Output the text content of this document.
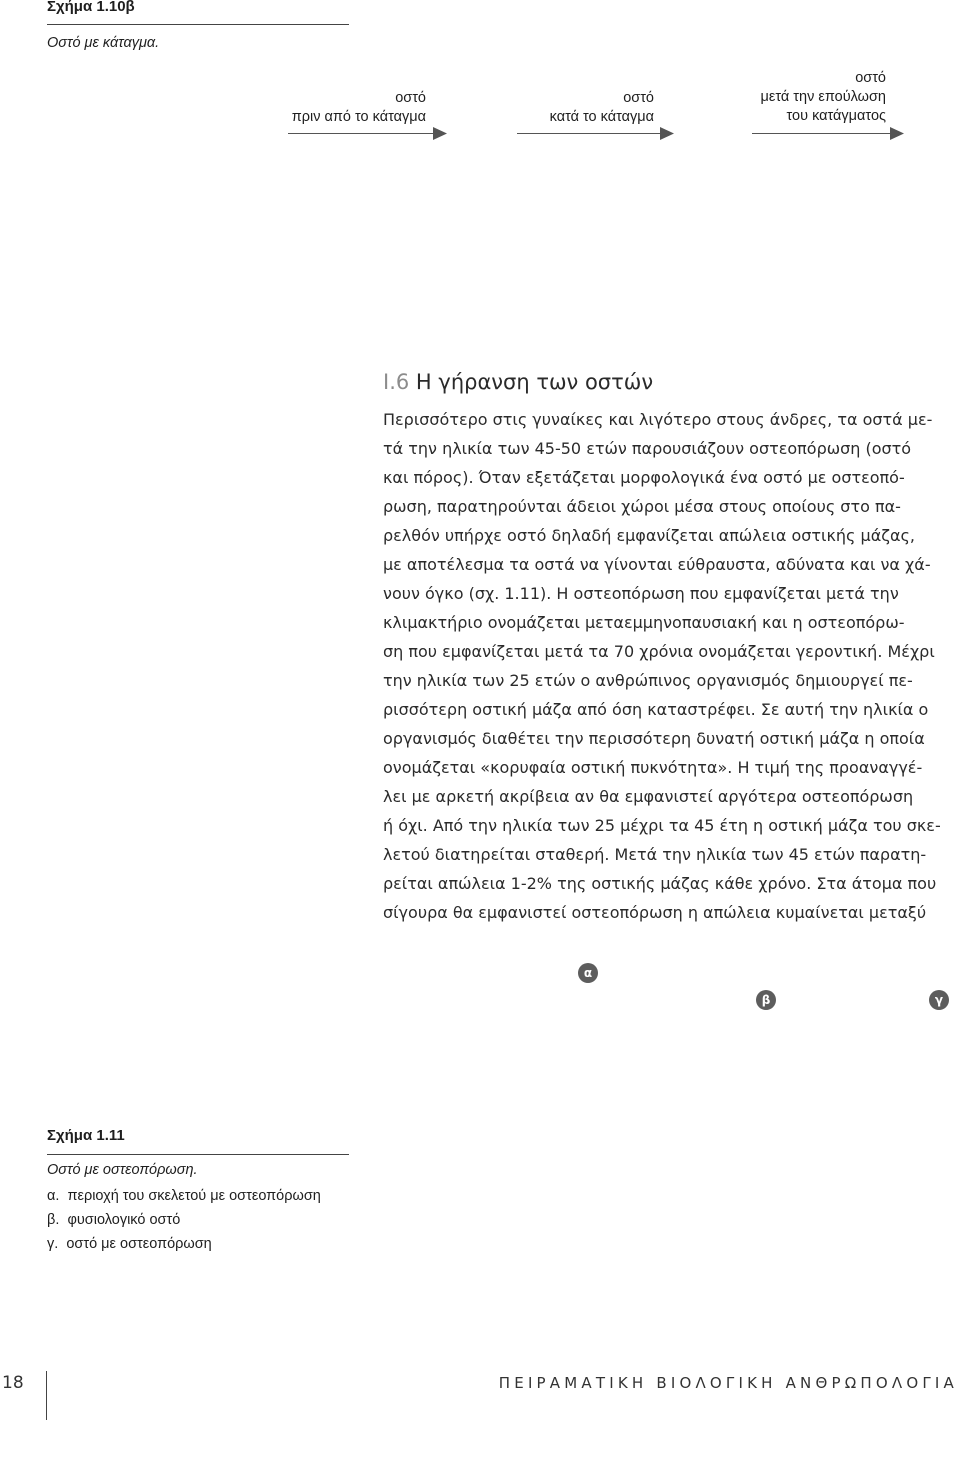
Σχήμα 1.10β
Οστό με κάταγμα.
οστό
πριν από το κάταγμα
οστό
κατά το κάταγμα
οστό
μετά την επούλωση
του κατάγματος
I.6 Η γήρανση των οστών
Περισσότερο στις γυναίκες και λιγότερο στους άνδρες, τα οστά με-
τά την ηλικία των 45-50 ετών παρουσιάζουν οστεοπόρωση (οστό
και πόρος). Όταν εξετάζεται μορφολογικά ένα οστό με οστεοπό-
ρωση, παρατηρούνται άδειοι χώροι μέσα στους οποίους στο πα-
ρελθόν υπήρχε οστό δηλαδή εμφανίζεται απώλεια οστικής μάζας,
με αποτέλεσμα τα οστά να γίνονται εύθραυστα, αδύνατα και να χά-
νουν όγκο (σχ. 1.11). Η οστεοπόρωση που εμφανίζεται μετά την
κλιμακτήριο ονομάζεται μεταεμμηνοπαυσιακή και η οστεοπόρω-
ση που εμφανίζεται μετά τα 70 χρόνια ονομάζεται γεροντική. Μέχρι
την ηλικία των 25 ετών ο ανθρώπινος οργανισμός δημιουργεί πε-
ρισσότερη οστική μάζα από όση καταστρέφει. Σε αυτή την ηλικία ο
οργανισμός διαθέτει την περισσότερη δυνατή οστική μάζα η οποία
ονομάζεται «κορυφαία οστική πυκνότητα». Η τιμή της προαναγγέ-
λει με αρκετή ακρίβεια αν θα εμφανιστεί αργότερα οστεοπόρωση
ή όχι. Από την ηλικία των 25 μέχρι τα 45 έτη η οστική μάζα του σκε-
λετού διατηρείται σταθερή. Μετά την ηλικία των 45 ετών παρατη-
ρείται απώλεια 1-2% της οστικής μάζας κάθε χρόνο. Στα άτομα που
σίγουρα θα εμφανιστεί οστεοπόρωση η απώλεια κυμαίνεται μεταξύ
α
β	γ
Σχήμα 1.11
Οστό με οστεοπόρωση.
α. περιοχή του σκελετού με οστεοπόρωση
β. φυσιολογικό οστό
γ. οστό με οστεοπόρωση
18	ΠΕΙΡΑΜΑΤΙΚΗ ΒΙΟΛΟΓΙΚΗ ΑΝΘΡΩΠΟΛΟΓΙΑ
